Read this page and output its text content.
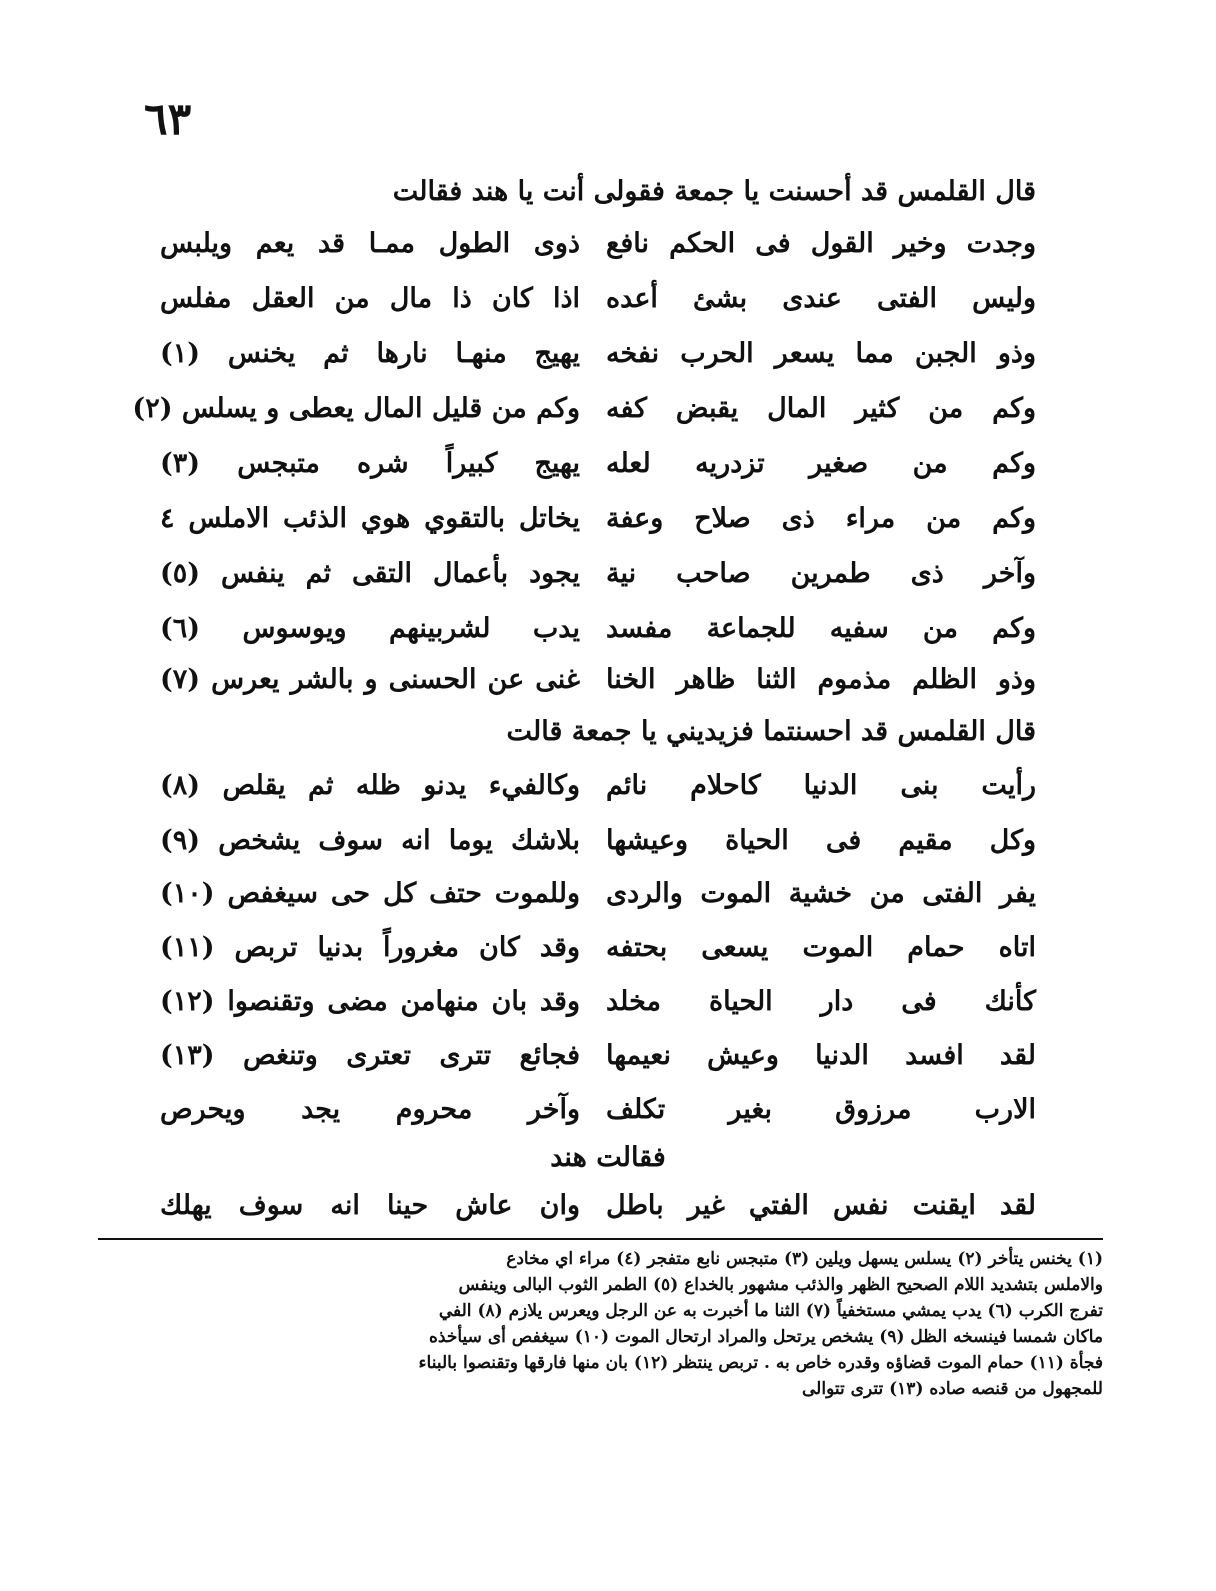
٦٣
قال القلمس قد أحسنت يا جمعة فقولى أنت يا هند فقالت
وجدت وخير القول فى الحكم نافع
ذوى الطول ممـا قد يعم ويلبس
وليس الفتى عندى بشئ أعده
اذا كان ذا مال من العقل مفلس
وذو الجبن مما يسعر الحرب نفخه
يهيج منهـا نارها ثم يخنس (١)
وكم من كثير المال يقبض كفه
وكم من قليل المال يعطى و يسلس (٢)
وكم من صغير تزدريه لعله
يهيج كبيراً شره متبجس (٣)
وكم من مراء ذى صلاح وعفة
يخاتل بالتقوي هوي الذئب الاملس ٤
وآخر ذى طمرين صاحب نية
يجود بأعمال التقى ثم ينفس (٥)
وكم من سفيه للجماعة مفسد
يدب لشربينهم ويوسوس (٦)
وذو الظلم مذموم الثنا ظاهر الخنا
غنى عن الحسنى و بالشر يعرس (٧)
قال القلمس قد احسنتما فزيديني يا جمعة قالت
رأيت بنى الدنيا كاحلام نائم
وكالفيء يدنو ظله ثم يقلص (٨)
وكل مقيم فى الحياة وعيشها
بلاشك يوما انه سوف يشخص (٩)
يفر الفتى من خشية الموت والردى
وللموت حتف كل حى سيغفص (١٠)
اتاه حمام الموت يسعى بحتفه
وقد كان مغروراً بدنيا تربص (١١)
كأنك فى دار الحياة مخلد
وقد بان منهامن مضى وتقنصوا (١٢)
لقد افسد الدنيا وعيش نعيمها
فجائع تترى تعترى وتنغص (١٣)
الارب مرزوق بغير تكلف
وآخر محروم يجد ويحرص
فقالت هند
لقد ايقنت نفس الفتي غير باطل
وان عاش حينا انه سوف يهلك
(١) يخنس يتأخر (٢) يسلس يسهل ويلين (٣) متبجس نابع متفجر (٤) مراء اي مخادع
والاملس بتشديد اللام الصحيح الظهر والذئب مشهور بالخداع (٥) الطمر الثوب البالى وينفس
تفرج الكرب (٦) يدب يمشي مستخفياً (٧) الثنا ما أخبرت به عن الرجل ويعرس يلازم (٨) الفي
ماكان شمسا فينسخه الظل (٩) يشخص يرتحل والمراد ارتحال الموت (١٠) سيغفص أى سيأخذه
فجأة (١١) حمام الموت قضاؤه وقدره خاص به . تربص ينتظر (١٢) بان منها فارقها وتقنصوا بالبناء
للمجهول من قنصه صاده (١٣) تترى تتوالى
